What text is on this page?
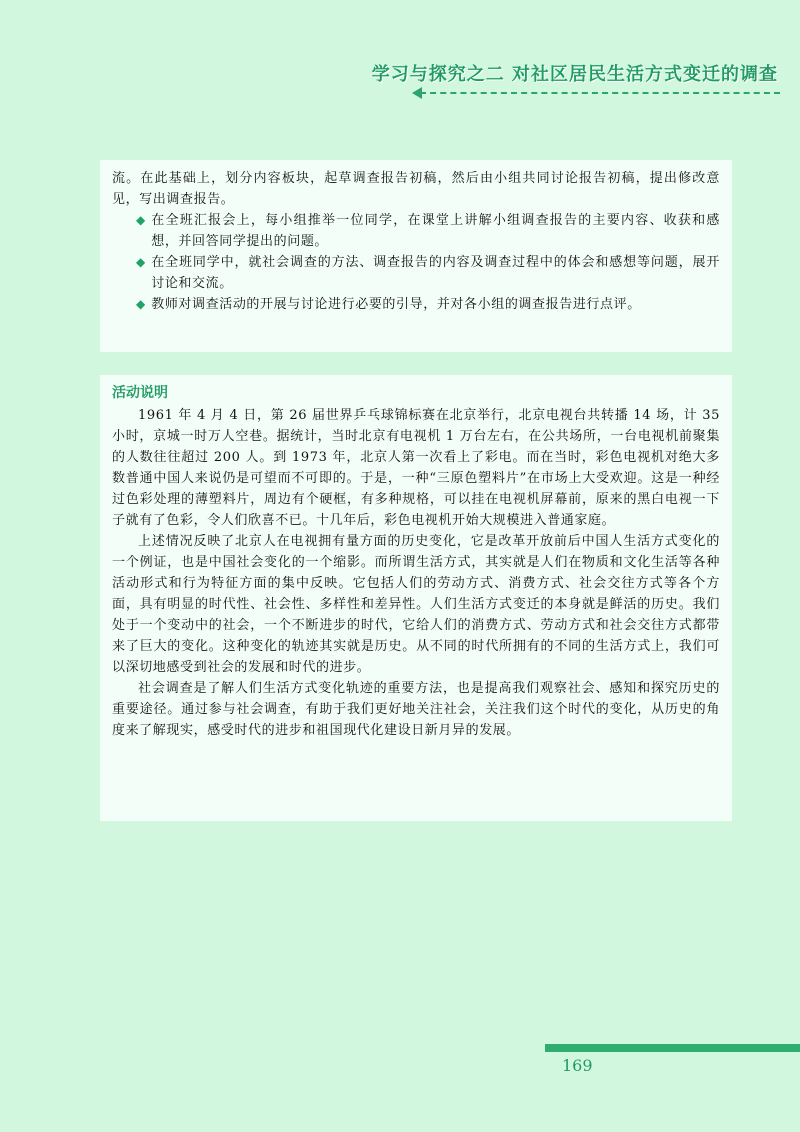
学习与探究之二 对社区居民生活方式变迁的调查

流。在此基础上，划分内容板块，起草调查报告初稿，然后由小组共同讨论报告初稿，提出修改意见，写出调查报告。

◆ 在全班汇报会上，每小组推举一位同学，在课堂上讲解小组调查报告的主要内容、收获和感想，并回答同学提出的问题。

◆ 在全班同学中，就社会调查的方法、调查报告的内容及调查过程中的体会和感想等问题，展开讨论和交流。

◆ 教师对调查活动的开展与讨论进行必要的引导，并对各小组的调查报告进行点评。

活动说明

1961 年 4 月 4 日，第 26 届世界乒乓球锦标赛在北京举行，北京电视台共转播 14 场，计 35 小时，京城一时万人空巷。据统计，当时北京有电视机 1 万台左右，在公共场所，一台电视机前聚集的人数往往超过 200 人。到 1973 年，北京人第一次看上了彩电。而在当时，彩色电视机对绝大多数普通中国人来说仍是可望而不可即的。于是，一种“三原色塑料片”在市场上大受欢迎。这是一种经过色彩处理的薄塑料片，周边有个硬框，有多种规格，可以挂在电视机屏幕前，原来的黑白电视一下子就有了色彩，令人们欣喜不已。十几年后，彩色电视机开始大规模进入普通家庭。

上述情况反映了北京人在电视拥有量方面的历史变化，它是改革开放前后中国人生活方式变化的一个例证，也是中国社会变化的一个缩影。而所谓生活方式，其实就是人们在物质和文化生活等各种活动形式和行为特征方面的集中反映。它包括人们的劳动方式、消费方式、社会交往方式等各个方面，具有明显的时代性、社会性、多样性和差异性。人们生活方式变迁的本身就是鲜活的历史。我们处于一个变动中的社会，一个不断进步的时代，它给人们的消费方式、劳动方式和社会交往方式都带来了巨大的变化。这种变化的轨迹其实就是历史。从不同的时代所拥有的不同的生活方式上，我们可以深切地感受到社会的发展和时代的进步。

社会调查是了解人们生活方式变化轨迹的重要方法，也是提高我们观察社会、感知和探究历史的重要途径。通过参与社会调查，有助于我们更好地关注社会，关注我们这个时代的变化，从历史的角度来了解现实，感受时代的进步和祖国现代化建设日新月异的发展。

169
